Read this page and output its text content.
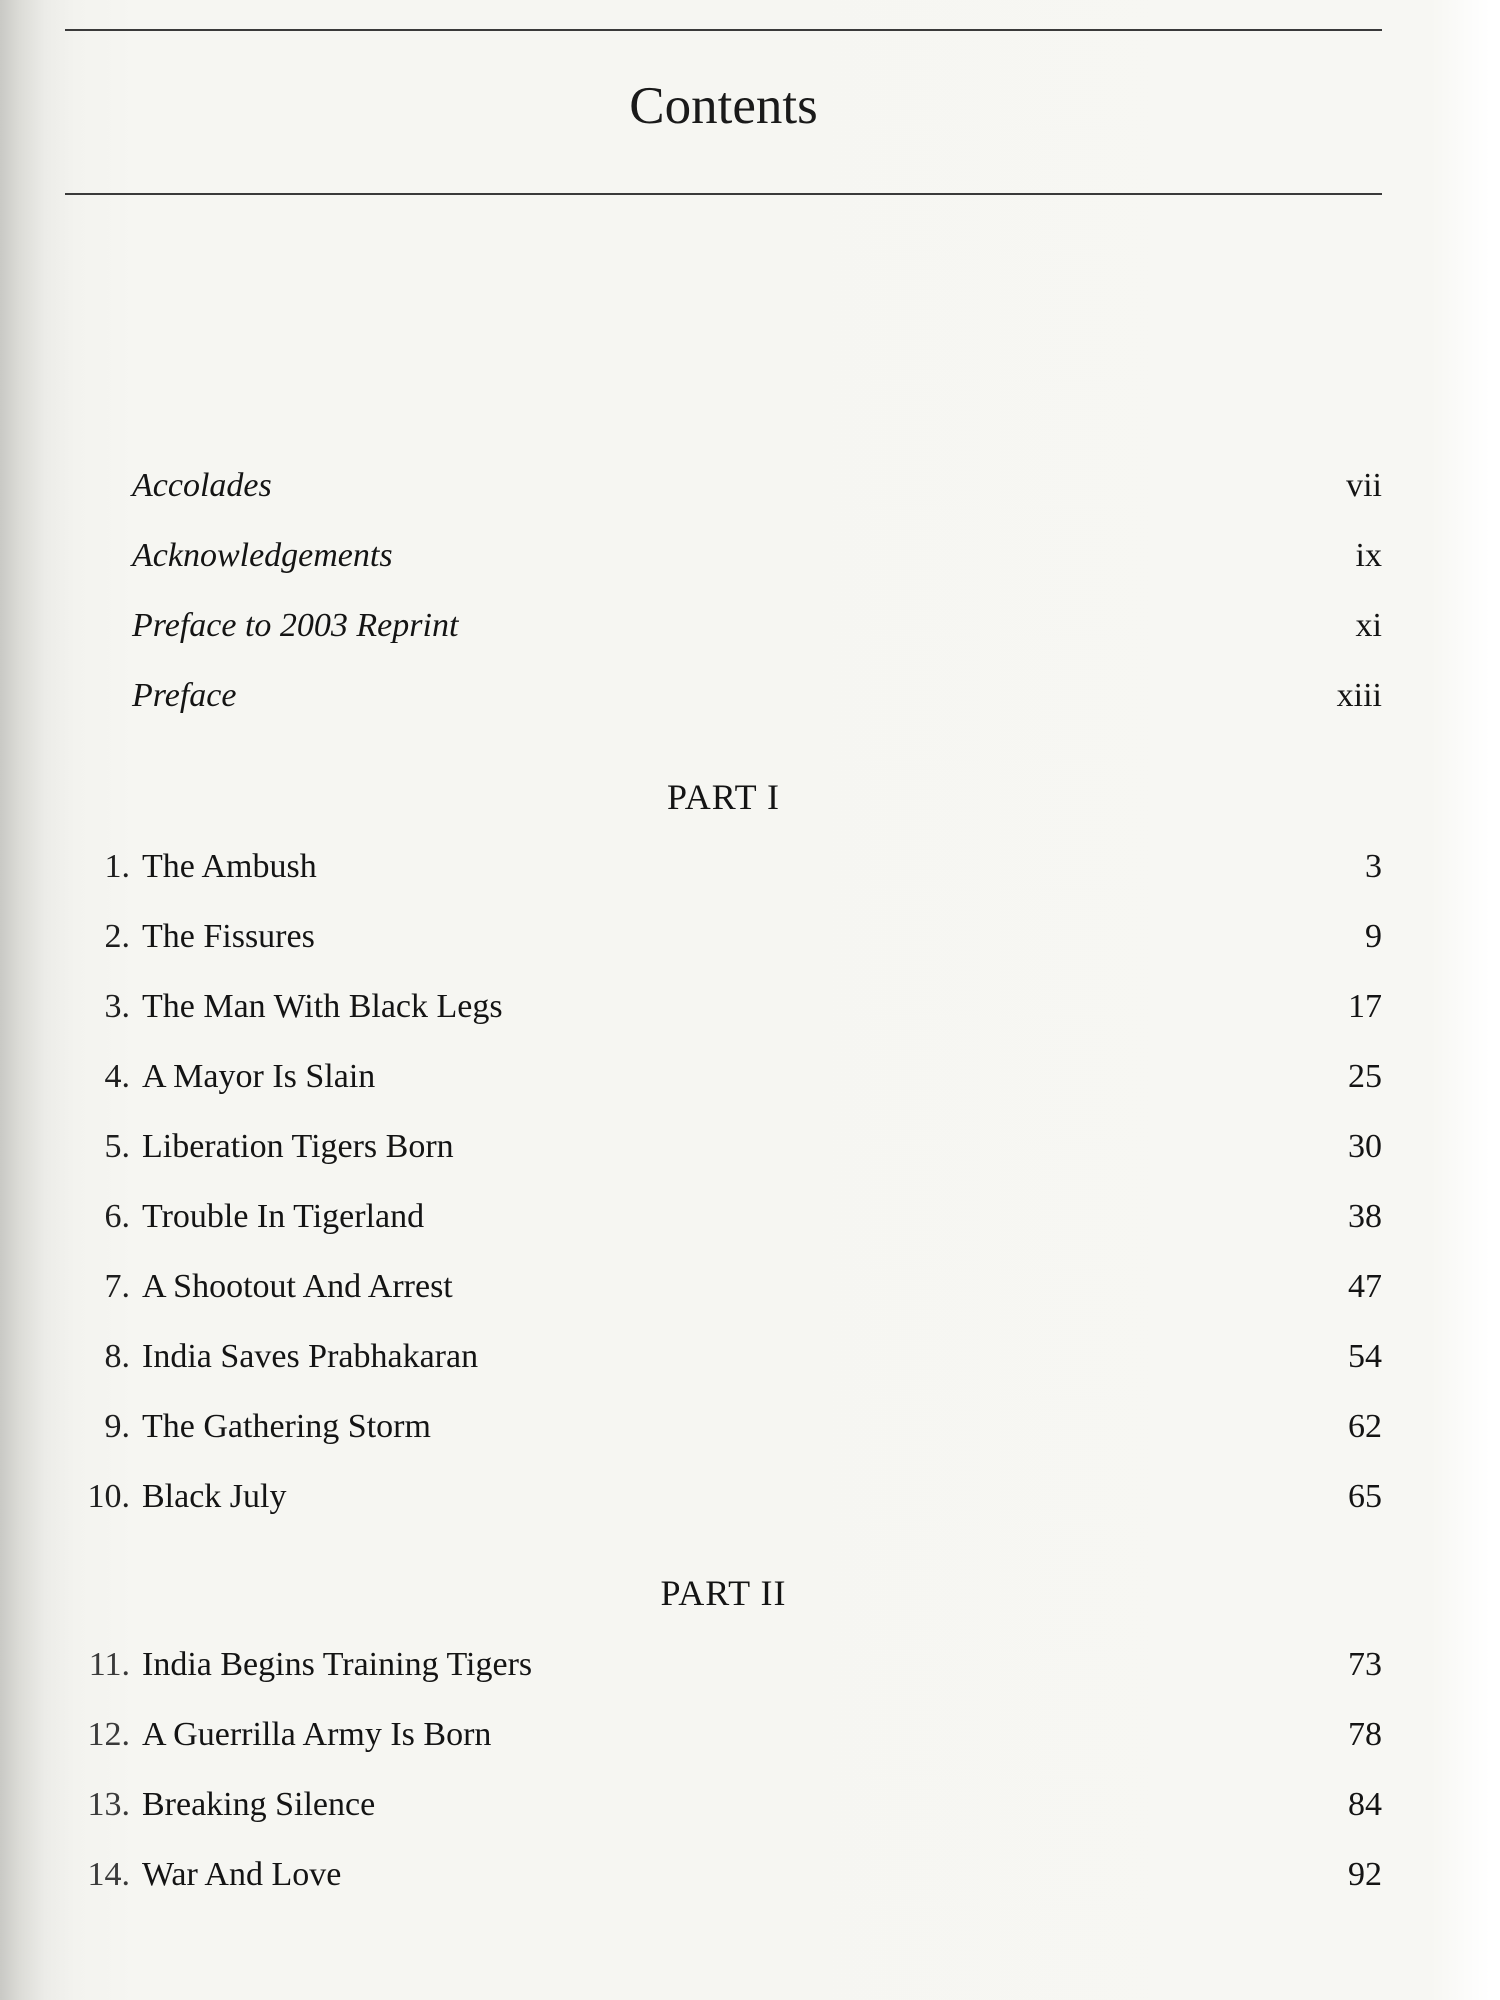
Contents
Accolades	vii
Acknowledgements	ix
Preface to 2003 Reprint	xi
Preface	xiii
PART I
1. The Ambush	3
2. The Fissures	9
3. The Man With Black Legs	17
4. A Mayor Is Slain	25
5. Liberation Tigers Born	30
6. Trouble In Tigerland	38
7. A Shootout And Arrest	47
8. India Saves Prabhakaran	54
9. The Gathering Storm	62
10. Black July	65
PART II
11. India Begins Training Tigers	73
12. A Guerrilla Army Is Born	78
13. Breaking Silence	84
14. War And Love	92
